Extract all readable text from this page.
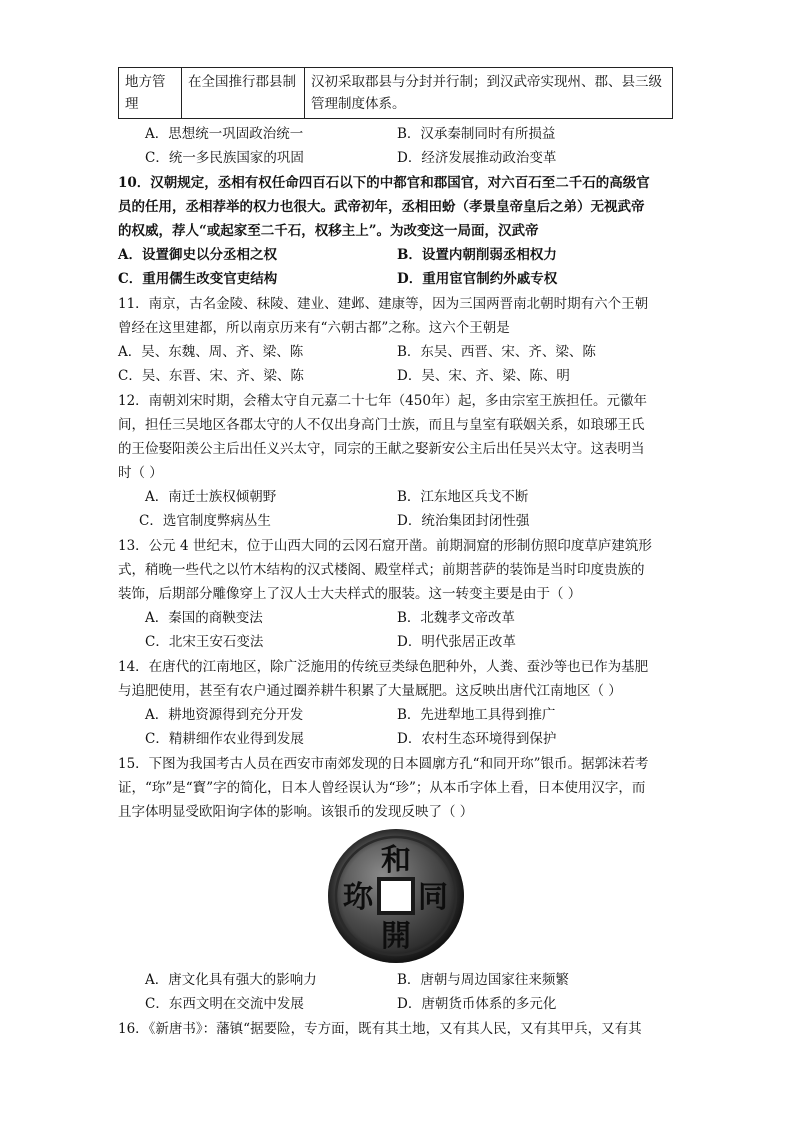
地方管理	在全国推行郡县制	汉初采取郡县与分封并行制；到汉武帝实现州、郡、县三级管理制度体系。
A．思想统一巩固政治统一	B．汉承秦制同时有所损益
C．统一多民族国家的巩固	D．经济发展推动政治变革
10．汉朝规定，丞相有权任命四百石以下的中都官和郡国官，对六百石至二千石的高级官
员的任用，丞相荐举的权力也很大。武帝初年，丞相田蚡（孝景皇帝皇后之弟）无视武帝
的权威，荐人“或起家至二千石，权移主上”。为改变这一局面，汉武帝
A．设置御史以分丞相之权	B．设置内朝削弱丞相权力
C．重用儒生改变官吏结构	D．重用宦官制约外戚专权
11．南京，古名金陵、秣陵、建业、建邺、建康等，因为三国两晋南北朝时期有六个王朝
曾经在这里建都，所以南京历来有“六朝古都”之称。这六个王朝是
A．吴、东魏、周、齐、梁、陈	B．东吴、西晋、宋、齐、梁、陈
C．吴、东晋、宋、齐、梁、陈	D．吴、宋、齐、梁、陈、明
12．南朝刘宋时期，会稽太守自元嘉二十七年（450年）起，多由宗室王族担任。元徽年
间，担任三吴地区各郡太守的人不仅出身高门士族，而且与皇室有联姻关系，如琅琊王氏
的王俭娶阳羡公主后出任义兴太守，同宗的王献之娶新安公主后出任吴兴太守。这表明当
时（ ）
A．南迁士族权倾朝野	B．江东地区兵戈不断
C．选官制度弊病丛生	D．统治集团封闭性强
13．公元 4 世纪末，位于山西大同的云冈石窟开凿。前期洞窟的形制仿照印度草庐建筑形
式，稍晚一些代之以竹木结构的汉式楼阁、殿堂样式；前期菩萨的装饰是当时印度贵族的
装饰，后期部分雕像穿上了汉人士大夫样式的服装。这一转变主要是由于（ ）
A．秦国的商鞅变法	B．北魏孝文帝改革
C．北宋王安石变法	D．明代张居正改革
14．在唐代的江南地区，除广泛施用的传统豆类绿色肥种外，人粪、蚕沙等也已作为基肥
与追肥使用，甚至有农户通过圈养耕牛积累了大量厩肥。这反映出唐代江南地区（ ）
A．耕地资源得到充分开发	B．先进犁地工具得到推广
C．精耕细作农业得到发展	D．农村生态环境得到保护
15．下图为我国考古人员在西安市南郊发现的日本圆廓方孔“和同开珎”银币。据郭沫若考
证，“珎”是“寳”字的简化，日本人曾经误认为“珍”；从本币字体上看，日本使用汉字，而
且字体明显受欧阳询字体的影响。该银币的发现反映了（ ）
和
同
開
珎
A．唐文化具有强大的影响力	B．唐朝与周边国家往来频繁
C．东西文明在交流中发展	D．唐朝货币体系的多元化
16．《新唐书》：藩镇“据要险，专方面，既有其土地，又有其人民，又有其甲兵，又有其
